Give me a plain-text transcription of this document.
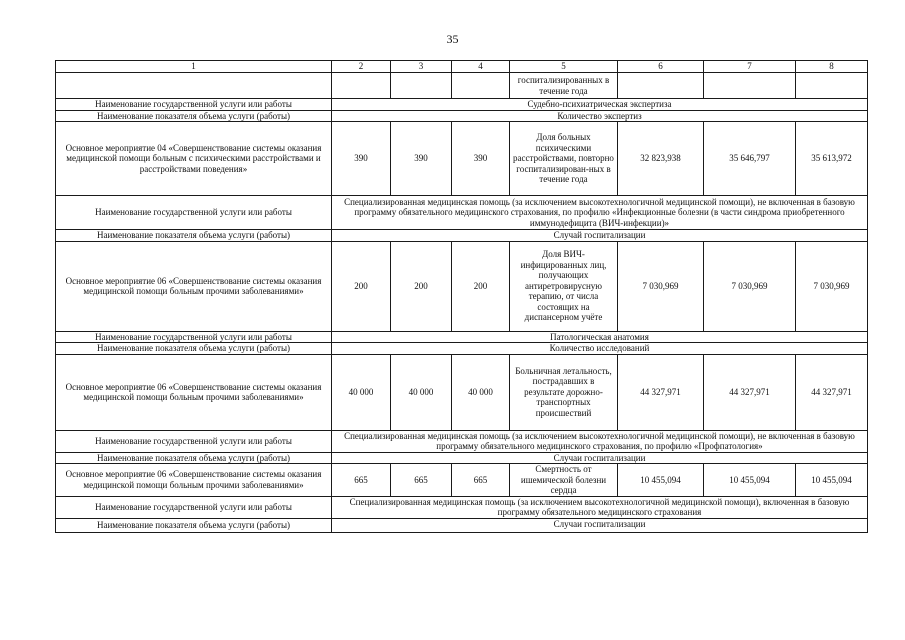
35
1	2	3	4	5	6	7	8
				госпитализированных в течение года			
Наименование государственной услуги или работы	Судебно-психиатрическая экспертиза						
Наименование показателя объема услуги (работы)	Количество экспертиз						
Основное мероприятие 04 «Совершенствование системы оказания медицинской помощи больным с психическими расстройствами и расстройствами поведения»	390	390	390	Доля больных психическими расстройствами, повторно госпитализирован-ных в течение года	32 823,938	35 646,797	35 613,972
Наименование государственной услуги или работы	Специализированная медицинская помощь (за исключением высокотехнологичной медицинской помощи), не включенная в базовую программу обязательного медицинского страхования, по профилю «Инфекционные болезни (в части синдрома приобретенного иммунодефицита (ВИЧ-инфекции)»						
Наименование показателя объема услуги (работы)	Случай госпитализации						
Основное мероприятие 06 «Совершенствование системы оказания медицинской помощи больным прочими заболеваниями»	200	200	200	Доля ВИЧ-инфицированных лиц, получающих антиретровирусную терапию, от числа состоящих на диспансерном учёте	7 030,969	7 030,969	7 030,969
Наименование государственной услуги или работы	Патологическая анатомия						
Наименование показателя объема услуги (работы)	Количество исследований						
Основное мероприятие 06 «Совершенствование системы оказания медицинской помощи больным прочими заболеваниями»	40 000	40 000	40 000	Больничная летальность, пострадавших в результате дорожно-транспортных происшествий	44 327,971	44 327,971	44 327,971
Наименование государственной услуги или работы	Специализированная медицинская помощь (за исключением высокотехнологичной медицинской помощи), не включенная в базовую программу обязательного медицинского страхования, по профилю «Профпатология»						
Наименование показателя объема услуги (работы)	Случаи госпитализации						
Основное мероприятие 06 «Совершенствование системы оказания медицинской помощи больным прочими заболеваниями»	665	665	665	Смертность от ишемической болезни сердца	10 455,094	10 455,094	10 455,094
Наименование государственной услуги или работы	Специализированная медицинская помощь (за исключением высокотехнологичной медицинской помощи), включенная в базовую программу обязательного медицинского страхования						
Наименование показателя объема услуги (работы)	Случаи госпитализации						
